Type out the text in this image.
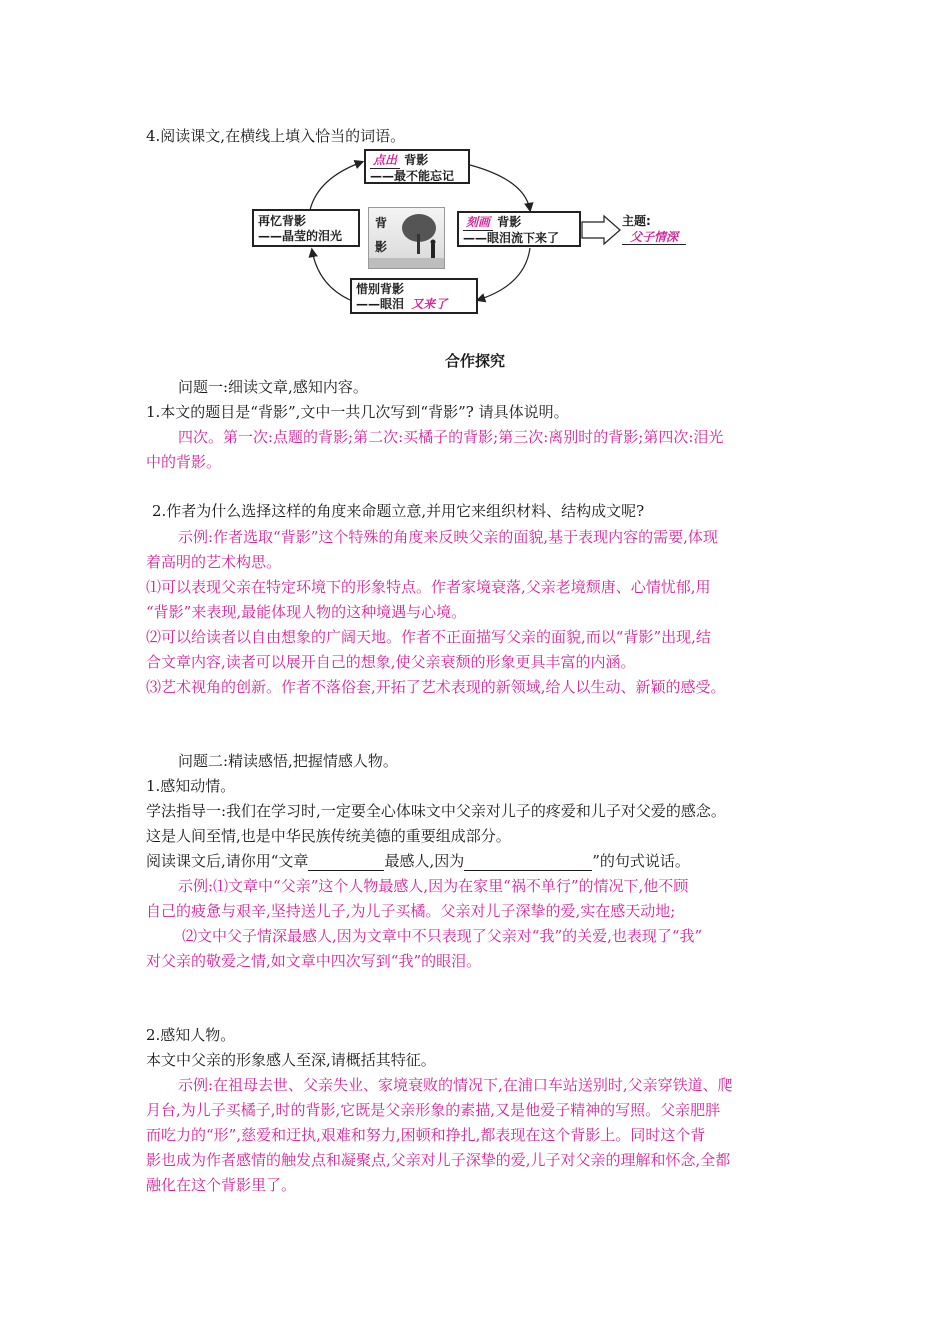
4.阅读课文,在横线上填入恰当的词语。
点出 背影
——最不能忘记
再忆背影
——晶莹的泪光
背
影
刻画 背影
——眼泪流下来了
惜别背影
——眼泪 又来了
主题:
父子情深
合作探究
问题一:细读文章,感知内容。
1.本文的题目是“背影”,文中一共几次写到“背影”? 请具体说明。
四次。第一次:点题的背影;第二次:买橘子的背影;第三次:离别时的背影;第四次:泪光
中的背影。
2.作者为什么选择这样的角度来命题立意,并用它来组织材料、结构成文呢?
示例:作者选取“背影”这个特殊的角度来反映父亲的面貌,基于表现内容的需要,体现
着高明的艺术构思。
⑴可以表现父亲在特定环境下的形象特点。作者家境衰落,父亲老境颓唐、心情忧郁,用
“背影”来表现,最能体现人物的这种境遇与心境。
⑵可以给读者以自由想象的广阔天地。作者不正面描写父亲的面貌,而以“背影”出现,结
合文章内容,读者可以展开自己的想象,使父亲衰颓的形象更具丰富的内涵。
⑶艺术视角的创新。作者不落俗套,开拓了艺术表现的新领域,给人以生动、新颖的感受。
问题二:精读感悟,把握情感人物。
1.感知动情。
学法指导一:我们在学习时,一定要全心体味文中父亲对儿子的疼爱和儿子对父爱的感念。
这是人间至情,也是中华民族传统美德的重要组成部分。
阅读课文后,请你用“文章	最感人,因为	”的句式说话。
示例:⑴文章中“父亲”这个人物最感人,因为在家里“祸不单行”的情况下,他不顾
自己的疲惫与艰辛,坚持送儿子,为儿子买橘。父亲对儿子深挚的爱,实在感天动地;
⑵文中父子情深最感人,因为文章中不只表现了父亲对“我”的关爱,也表现了“我”
对父亲的敬爱之情,如文章中四次写到“我”的眼泪。
2.感知人物。
本文中父亲的形象感人至深,请概括其特征。
示例:在祖母去世、父亲失业、家境衰败的情况下,在浦口车站送别时,父亲穿铁道、爬
月台,为儿子买橘子,时的背影,它既是父亲形象的素描,又是他爱子精神的写照。父亲肥胖
而吃力的“形”,慈爱和迂执,艰难和努力,困顿和挣扎,都表现在这个背影上。同时这个背
影也成为作者感情的触发点和凝聚点,父亲对儿子深挚的爱,儿子对父亲的理解和怀念,全都
融化在这个背影里了。
